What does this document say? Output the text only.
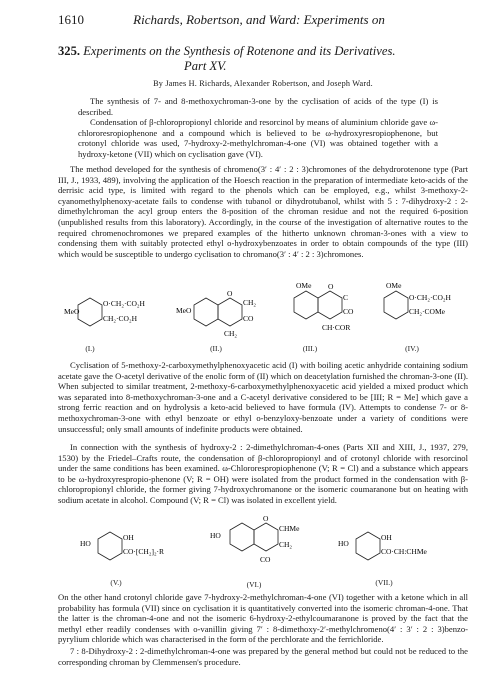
1610	Richards, Robertson, and Ward: Experiments on
325. Experiments on the Synthesis of Rotenone and its Derivatives.
Part XV.
By James H. Richards, Alexander Robertson, and Joseph Ward.
The synthesis of 7- and 8-methoxychroman-3-one by the cyclisation of acids of the type (I) is described.
Condensation of β-chloropropionyl chloride and resorcinol by means of aluminium chloride gave ω-chlororesropiophenone and a compound which is believed to be ω-hydroxyresropiophenone, but crotonyl chloride was used, 7-hydroxy-2-methylchroman-4-one (VI) was obtained together with a hydroxy-ketone (VII) which on cyclisation gave (VI).
The method developed for the synthesis of chromeno(3′ : 4′ : 2 : 3)chromones of the dehydrorotenone type (Part III, J., 1933, 489), involving the application of the Hoesch reaction in the preparation of intermediate keto-acids of the derrisic acid type, is limited with regard to the phenols which can be employed, e.g., whilst 3-methoxy-2-cyanomethylphenoxy-acetate fails to condense with tubanol or dihydrotubanol, whilst with 5 : 7-dihydroxy-2 : 2-dimethylchroman the acyl group enters the 8-position of the chroman residue and not the required 6-position (unpublished results from this laboratory). Accordingly, in the course of the investigation of alternative routes to the required chromenochromones we prepared examples of the hitherto unknown chroman-3-ones with a view to condensing them with suitably protected ethyl o-hydroxybenzoates in order to obtain compounds of the type (III) which would be susceptible to undergo cyclisation to chromano(3′ : 4′ : 2 : 3)chromones.
MeO
O·CH₂·CO₂H
CH₂·CO₂H
(I.)
MeO
O
CH₂
CO
CH₂
(II.)
OMe O
C
CO
CH·COR
(III.)
OMe
O·CH₂·CO₂H
CH₂·COMe
(IV.)
Cyclisation of 5-methoxy-2-carboxymethylphenoxyacetic acid (I) with boiling acetic anhydride containing sodium acetate gave the O-acetyl derivative of the enolic form of (II) which on deacetylation furnished the chroman-3-one (II). When subjected to similar treatment, 2-methoxy-6-carboxymethylphenoxyacetic acid yielded a mixed product which was separated into 8-methoxychroman-3-one and a C-acetyl derivative considered to be [III; R = Me] which gave a strong ferric reaction and on hydrolysis a keto-acid believed to have formula (IV). Attempts to condense 7- or 8-methoxychroman-3-one with ethyl benzoate or ethyl o-benzyloxy-benzoate under a variety of conditions were unsuccessful; only small amounts of indefinite products were obtained.
In connection with the synthesis of hydroxy-2 : 2-dimethylchroman-4-ones (Parts XII and XIII, J., 1937, 279, 1530) by the Friedel–Crafts route, the condensation of β-chloropropionyl and of crotonyl chloride with resorcinol under the same conditions has been examined. ω-Chlororespropiophenone (V; R = Cl) and a substance which appears to be ω-hydroxyrespropio-phenone (V; R = OH) were isolated from the product formed in the condensation with β-chloropropionyl chloride, the former giving 7-hydroxychromanone or the isomeric coumaranone but on heating with sodium acetate in alcohol. Compound (V; R = Cl) was isolated in excellent yield.
HO
OH
CO·[CH₂]₂·R
(V.)
HO
O
CHMe
CH₂
CO
(VI.)
HO
OH
CO·CH:CHMe
(VII.)
On the other hand crotonyl chloride gave 7-hydroxy-2-methylchroman-4-one (VI) together with a ketone which in all probability has formula (VII) since on cyclisation it is quantitatively converted into the isomeric chroman-4-one. That the latter is the chroman-4-one and not the isomeric 6-hydroxy-2-ethylcoumaranone is proved by the fact that the methyl ether readily condenses with o-vanillin giving 7′ : 8-dimethoxy-2′-methylchromeno(4′ : 3′ : 2 : 3)benzo-pyrylium chloride which was characterised in the form of the perchlorate and the ferrichloride.
7 : 8-Dihydroxy-2 : 2-dimethylchroman-4-one was prepared by the general method but could not be reduced to the corresponding chroman by Clemmensen's procedure.
